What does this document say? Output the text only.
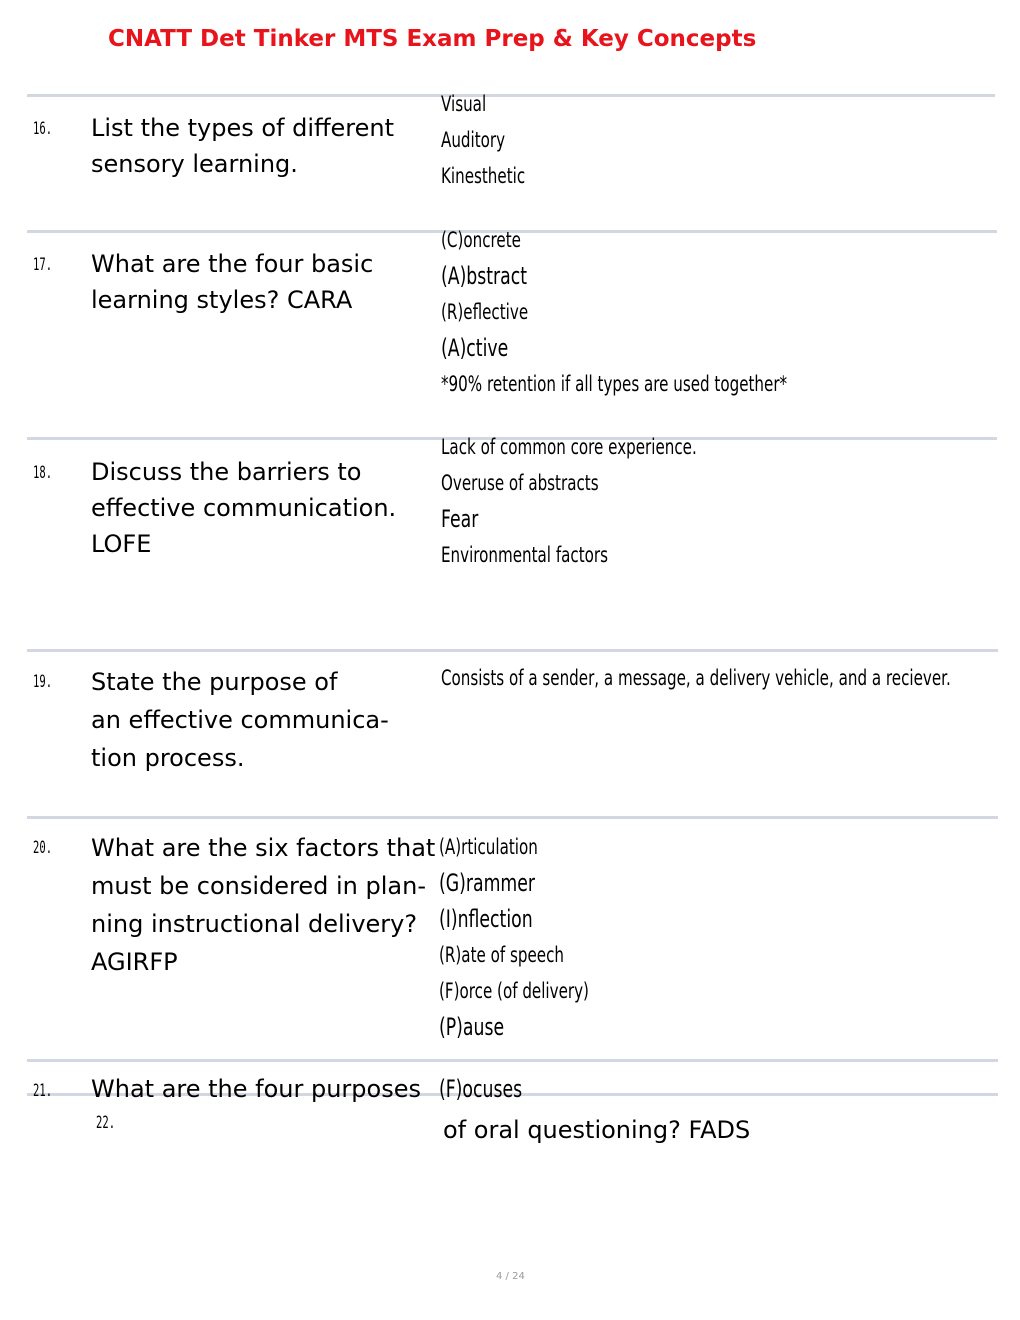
CNATT Det Tinker MTS Exam Prep & Key Concepts
16. List the types of different
sensory learning.
Visual
Auditory
Kinesthetic
17. What are the four basic
learning styles? CARA
(C)oncrete
(A)bstract
(R)eflective
(A)ctive
*90% retention if all types are used together*
18. Discuss the barriers to
effective communication.
LOFE
Lack of common core experience.
Overuse of abstracts
Fear
Environmental factors
19. State the purpose of
an effective communica-
tion process.
Consists of a sender, a message, a delivery vehicle, and a reciever.
20. What are the six factors that
must be considered in plan-
ning instructional delivery?
AGIRFP
(A)rticulation
(G)rammer
(I)nflection
(R)ate of speech
(F)orce (of delivery)
(P)ause
21. What are the four purposes (F)ocuses
22.	of oral questioning? FADS
4 / 24
